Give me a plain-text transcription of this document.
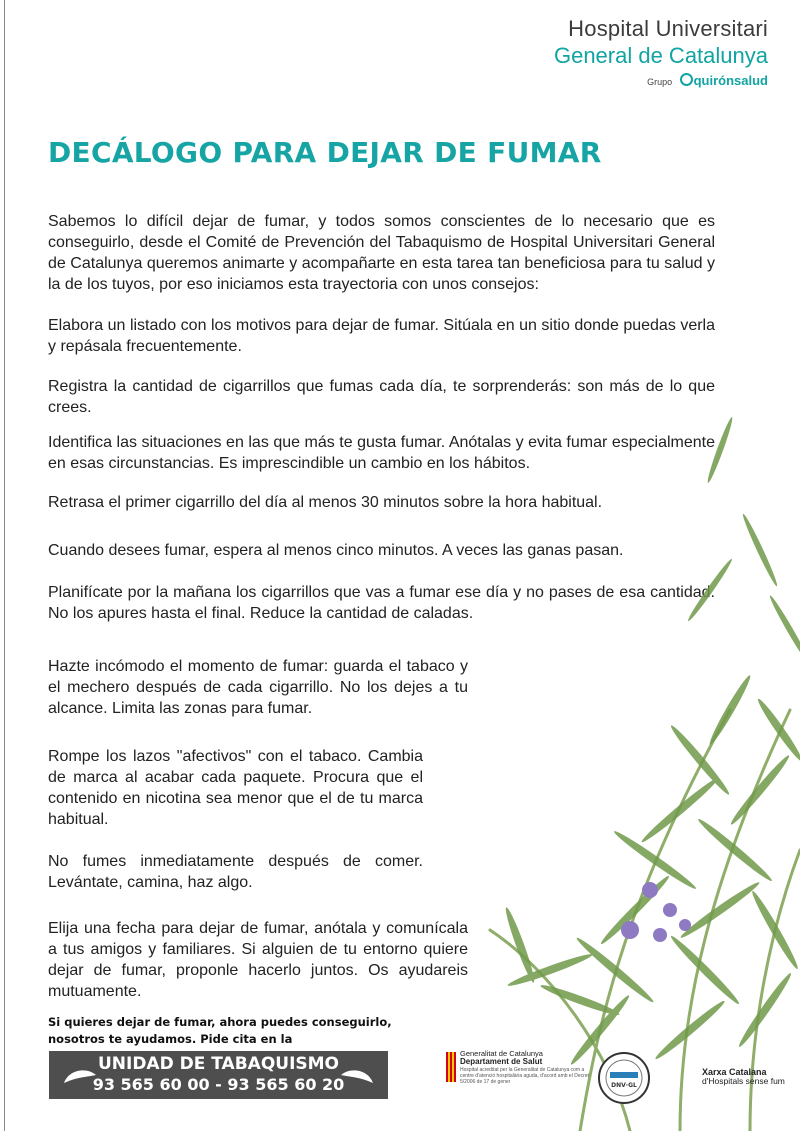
Hospital Universitari
General de Catalunya
Grupo quirónsalud
DECÁLOGO PARA DEJAR DE FUMAR

Sabemos lo difícil dejar de fumar, y todos somos conscientes de lo necesario que es conseguirlo, desde el Comité de Prevención del Tabaquismo de Hospital Universitari General de Catalunya queremos animarte y acompañarte en esta tarea tan beneficiosa para tu salud y la de los tuyos, por eso iniciamos esta trayectoria con unos consejos:

Elabora un listado con los motivos para dejar de fumar. Sitúala en un sitio donde puedas verla y repásala frecuentemente.

Registra la cantidad de cigarrillos que fumas cada día, te sorprenderás: son más de lo que crees.

Identifica las situaciones en las que más te gusta fumar. Anótalas y evita fumar especialmente en esas circunstancias. Es imprescindible un cambio en los hábitos.

Retrasa el primer cigarrillo del día al menos 30 minutos sobre la hora habitual.

Cuando desees fumar, espera al menos cinco minutos. A veces las ganas pasan.

Planifícate por la mañana los cigarrillos que vas a fumar ese día y no pases de esa cantidad. No los apures hasta el final. Reduce la cantidad de caladas.

Hazte incómodo el momento de fumar: guarda el tabaco y el mechero después de cada cigarrillo. No los dejes a tu alcance. Limita las zonas para fumar.

Rompe los lazos "afectivos" con el tabaco. Cambia de marca al acabar cada paquete. Procura que el contenido en nicotina sea menor que el de tu marca habitual.

No fumes inmediatamente después de comer. Levántate, camina, haz algo.

Elija una fecha para dejar de fumar, anótala y comunícala a tus amigos y familiares. Si alguien de tu entorno quiere dejar de fumar, proponle hacerlo juntos. Os ayudareis mutuamente.

Si quieres dejar de fumar, ahora puedes conseguirlo, nosotros te ayudamos. Pide cita en la

UNIDAD DE TABAQUISMO
93 565 60 00 - 93 565 60 20
Generalitat de Catalunya
Departament de Salut
Hospital acreditat per la Generalitat de Catalunya com a centre d'atenció hospitalària aguda, d'acord amb el Decret 5/2006 de 17 de gener	DNV·GL
Xarxa Catalana
d'Hospitals sense fum
